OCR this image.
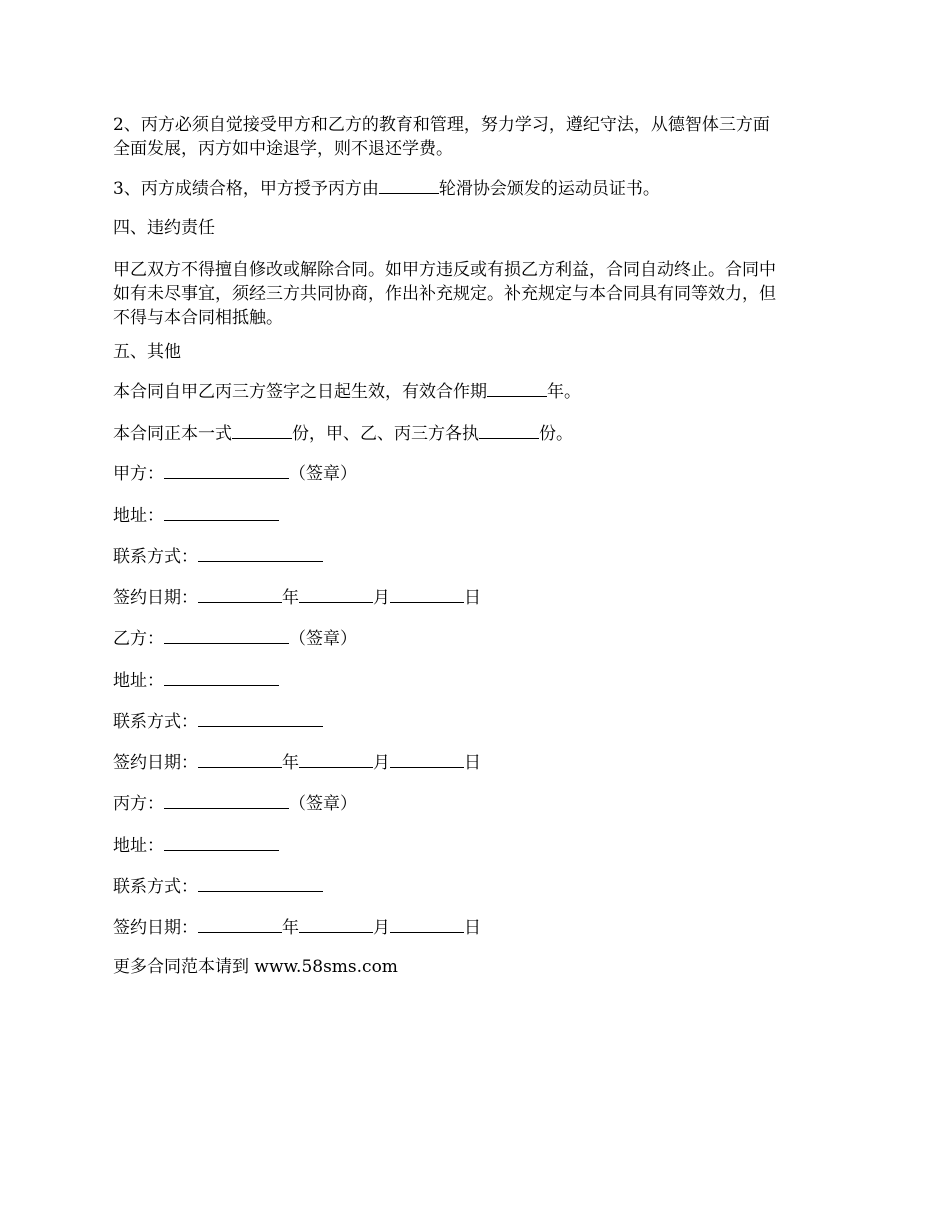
2、丙方必须自觉接受甲方和乙方的教育和管理，努力学习，遵纪守法，从德智体三方面
全面发展，丙方如中途退学，则不退还学费。
3、丙方成绩合格，甲方授予丙方由	轮滑协会颁发的运动员证书。
四、违约责任
甲乙双方不得擅自修改或解除合同。如甲方违反或有损乙方利益，合同自动终止。合同中
如有未尽事宜，须经三方共同协商，作出补充规定。补充规定与本合同具有同等效力，但
不得与本合同相抵触。
五、其他
本合同自甲乙丙三方签字之日起生效，有效合作期	年。
本合同正本一式	份，甲、乙、丙三方各执	份。
甲方：	（签章）
地址：
联系方式：
签约日期：	年	月	日
乙方：	（签章）
地址：
联系方式：
签约日期：	年	月	日
丙方：	（签章）
地址：
联系方式：
签约日期：	年	月	日
更多合同范本请到 www.58sms.com
